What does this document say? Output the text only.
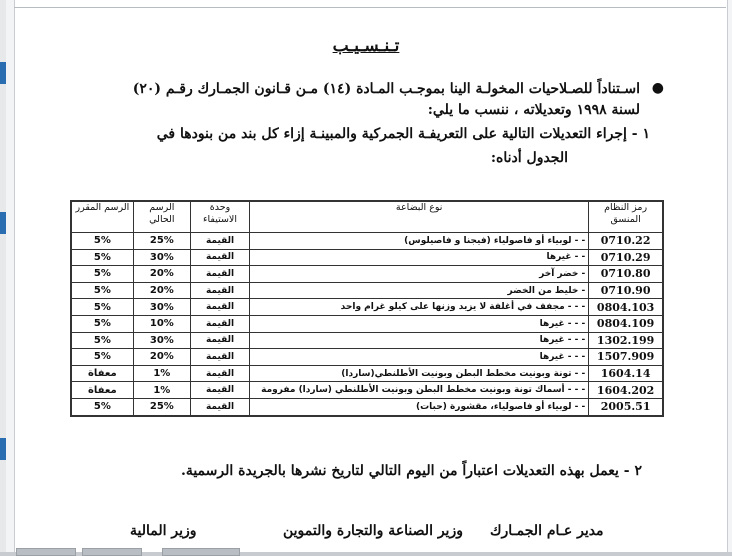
تـنـسـيـب
●
اسـتناداً للصـلاحيات المخولـة الينا بموجـب المـادة (١٤) مـن قـانون الجمـارك رقـم (٢٠) لسنة ١٩٩٨ وتعديلاته ، ننسب ما يلي:
١ - إجراء التعديلات التالية على التعريفـة الجمركية والمبينـة إزاء كل بند من بنودها في
الجدول أدناه:
رمز النظام المنسق	نوع البضاعة	وحدة الاستيفاء	الرسم الحالي	الرسم المقرر
0710.22	- - لوبياء أو فاصولياء (فيجنا و فاصيلوس)	القيمة	25%	5%
0710.29	- - غيرها	القيمة	30%	5%
0710.80	- خضر آخر	القيمة	20%	5%
0710.90	- خليط من الخضر	القيمة	20%	5%
0804.103	- - - مجفف في أغلفة لا يزيد وزنها على كيلو غرام واحد	القيمة	30%	5%
0804.109	- - - غيرها	القيمة	10%	5%
1302.199	- - - غيرها	القيمة	30%	5%
1507.909	- - - غيرها	القيمة	20%	5%
1604.14	- - تونة وبونيت مخطط البطن وبونيت الأطلنطي(ساردا)	القيمة	1%	معفاة
1604.202	- - - أسماك تونة وبونيت مخطط البطن وبونيت الأطلنطي (ساردا) مفرومة	القيمة	1%	معفاة
2005.51	- - لوبياء أو فاصولياء، مقشورة (حبات)	القيمة	25%	5%
٢ - يعمل بهذه التعديلات اعتباراً من اليوم التالي لتاريخ نشرها بالجريدة الرسمية.
مدير عـام الجمـارك
وزير الصناعة والتجارة والتموين
وزير المالية
